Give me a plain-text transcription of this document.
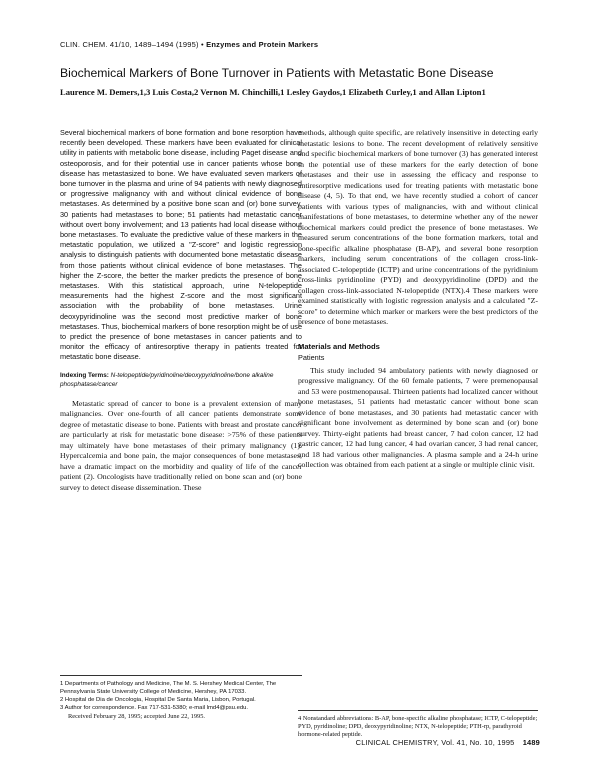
CLIN. CHEM. 41/10, 1489–1494 (1995) • Enzymes and Protein Markers
Biochemical Markers of Bone Turnover in Patients with Metastatic Bone Disease
Laurence M. Demers,1,3 Luis Costa,2 Vernon M. Chinchilli,1 Lesley Gaydos,1 Elizabeth Curley,1 and Allan Lipton1

Several biochemical markers of bone formation and bone resorption have recently been developed. These markers have been evaluated for clinical utility in patients with metabolic bone disease, including Paget disease and osteoporosis, and for their potential use in cancer patients whose bone disease has metastasized to bone. We have evaluated seven markers of bone turnover in the plasma and urine of 94 patients with newly diagnosed or progressive malignancy with and without clinical evidence of bone metastases. As determined by a positive bone scan and (or) bone survey, 30 patients had metastases to bone; 51 patients had metastatic cancer without overt bony involvement; and 13 patients had local disease without bone metastases. To evaluate the predictive value of these markers in the metastatic population, we utilized a "Z-score" and logistic regression analysis to distinguish patients with documented bone metastatic disease from those patients without clinical evidence of bone metastases. The higher the Z-score, the better the marker predicts the presence of bone metastases. With this statistical approach, urine N-telopeptide measurements had the highest Z-score and the most significant association with the probability of bone metastases. Urine deoxypyridinoline was the second most predictive marker of bone metastases. Thus, biochemical markers of bone resorption might be of use to predict the presence of bone metastases in cancer patients and to monitor the efficacy of antiresorptive therapy in patients treated for metastatic bone disease.

Indexing Terms: N-telopeptide/pyridinoline/deoxypyridinoline/bone alkaline phosphatase/cancer

Metastatic spread of cancer to bone is a prevalent extension of many malignancies. Over one-fourth of all cancer patients demonstrate some degree of metastatic disease to bone. Patients with breast and prostate cancer are particularly at risk for metastatic bone disease: >75% of these patients may ultimately have bone metastases of their primary malignancy (1). Hypercalcemia and bone pain, the major consequences of bone metastases, have a dramatic impact on the morbidity and quality of life of the cancer patient (2). Oncologists have traditionally relied on bone scan and (or) bone survey to detect disease dissemination. These

1 Departments of Pathology and Medicine, The M. S. Hershey Medical Center, The Pennsylvania State University College of Medicine, Hershey, PA 17033.

2 Hospital de Dia de Oncologia, Hospital De Santa Maria, Lisbon, Portugal.

3 Author for correspondence. Fax 717-531-5380; e-mail lmd4@psu.edu.

Received February 28, 1995; accepted June 22, 1995.

methods, although quite specific, are relatively insensitive in detecting early metastatic lesions to bone. The recent development of relatively sensitive and specific biochemical markers of bone turnover (3) has generated interest in the potential use of these markers for the early detection of bone metastases and their use in assessing the efficacy and response to antiresorptive medications used for treating patients with metastatic bone disease (4, 5). To that end, we have recently studied a cohort of cancer patients with various types of malignancies, with and without clinical manifestations of bone metastases, to determine whether any of the newer biochemical markers could predict the presence of bone metastases. We measured serum concentrations of the bone formation markers, total and bone-specific alkaline phosphatase (B-AP), and several bone resorption markers, including serum concentrations of the collagen cross-link-associated C-telopeptide (ICTP) and urine concentrations of the pyridinium cross-links pyridinoline (PYD) and deoxypyridinoline (DPD) and the collagen cross-link-associated N-telopeptide (NTX).4 These markers were examined statistically with logistic regression analysis and a calculated "Z-score" to determine which marker or markers were the best predictors of the presence of bone metastases.

Materials and Methods
Patients

This study included 94 ambulatory patients with newly diagnosed or progressive malignancy. Of the 60 female patients, 7 were premenopausal and 53 were postmenopausal. Thirteen patients had localized cancer without bone metastases, 51 patients had metastatic cancer without bone scan evidence of bone metastases, and 30 patients had metastatic cancer with significant bone involvement as determined by bone scan and (or) bone survey. Thirty-eight patients had breast cancer, 7 had colon cancer, 12 had gastric cancer, 12 had lung cancer, 4 had ovarian cancer, 3 had renal cancer, and 18 had various other malignancies. A plasma sample and a 24-h urine collection was obtained from each patient at a single or multiple clinic visit.

4 Nonstandard abbreviations: B-AP, bone-specific alkaline phosphatase; ICTP, C-telopeptide; PYD, pyridinoline; DPD, deoxypyridinoline; NTX, N-telopeptide; PTH-rp, parathyroid hormone-related peptide.

CLINICAL CHEMISTRY, Vol. 41, No. 10, 1995 1489
